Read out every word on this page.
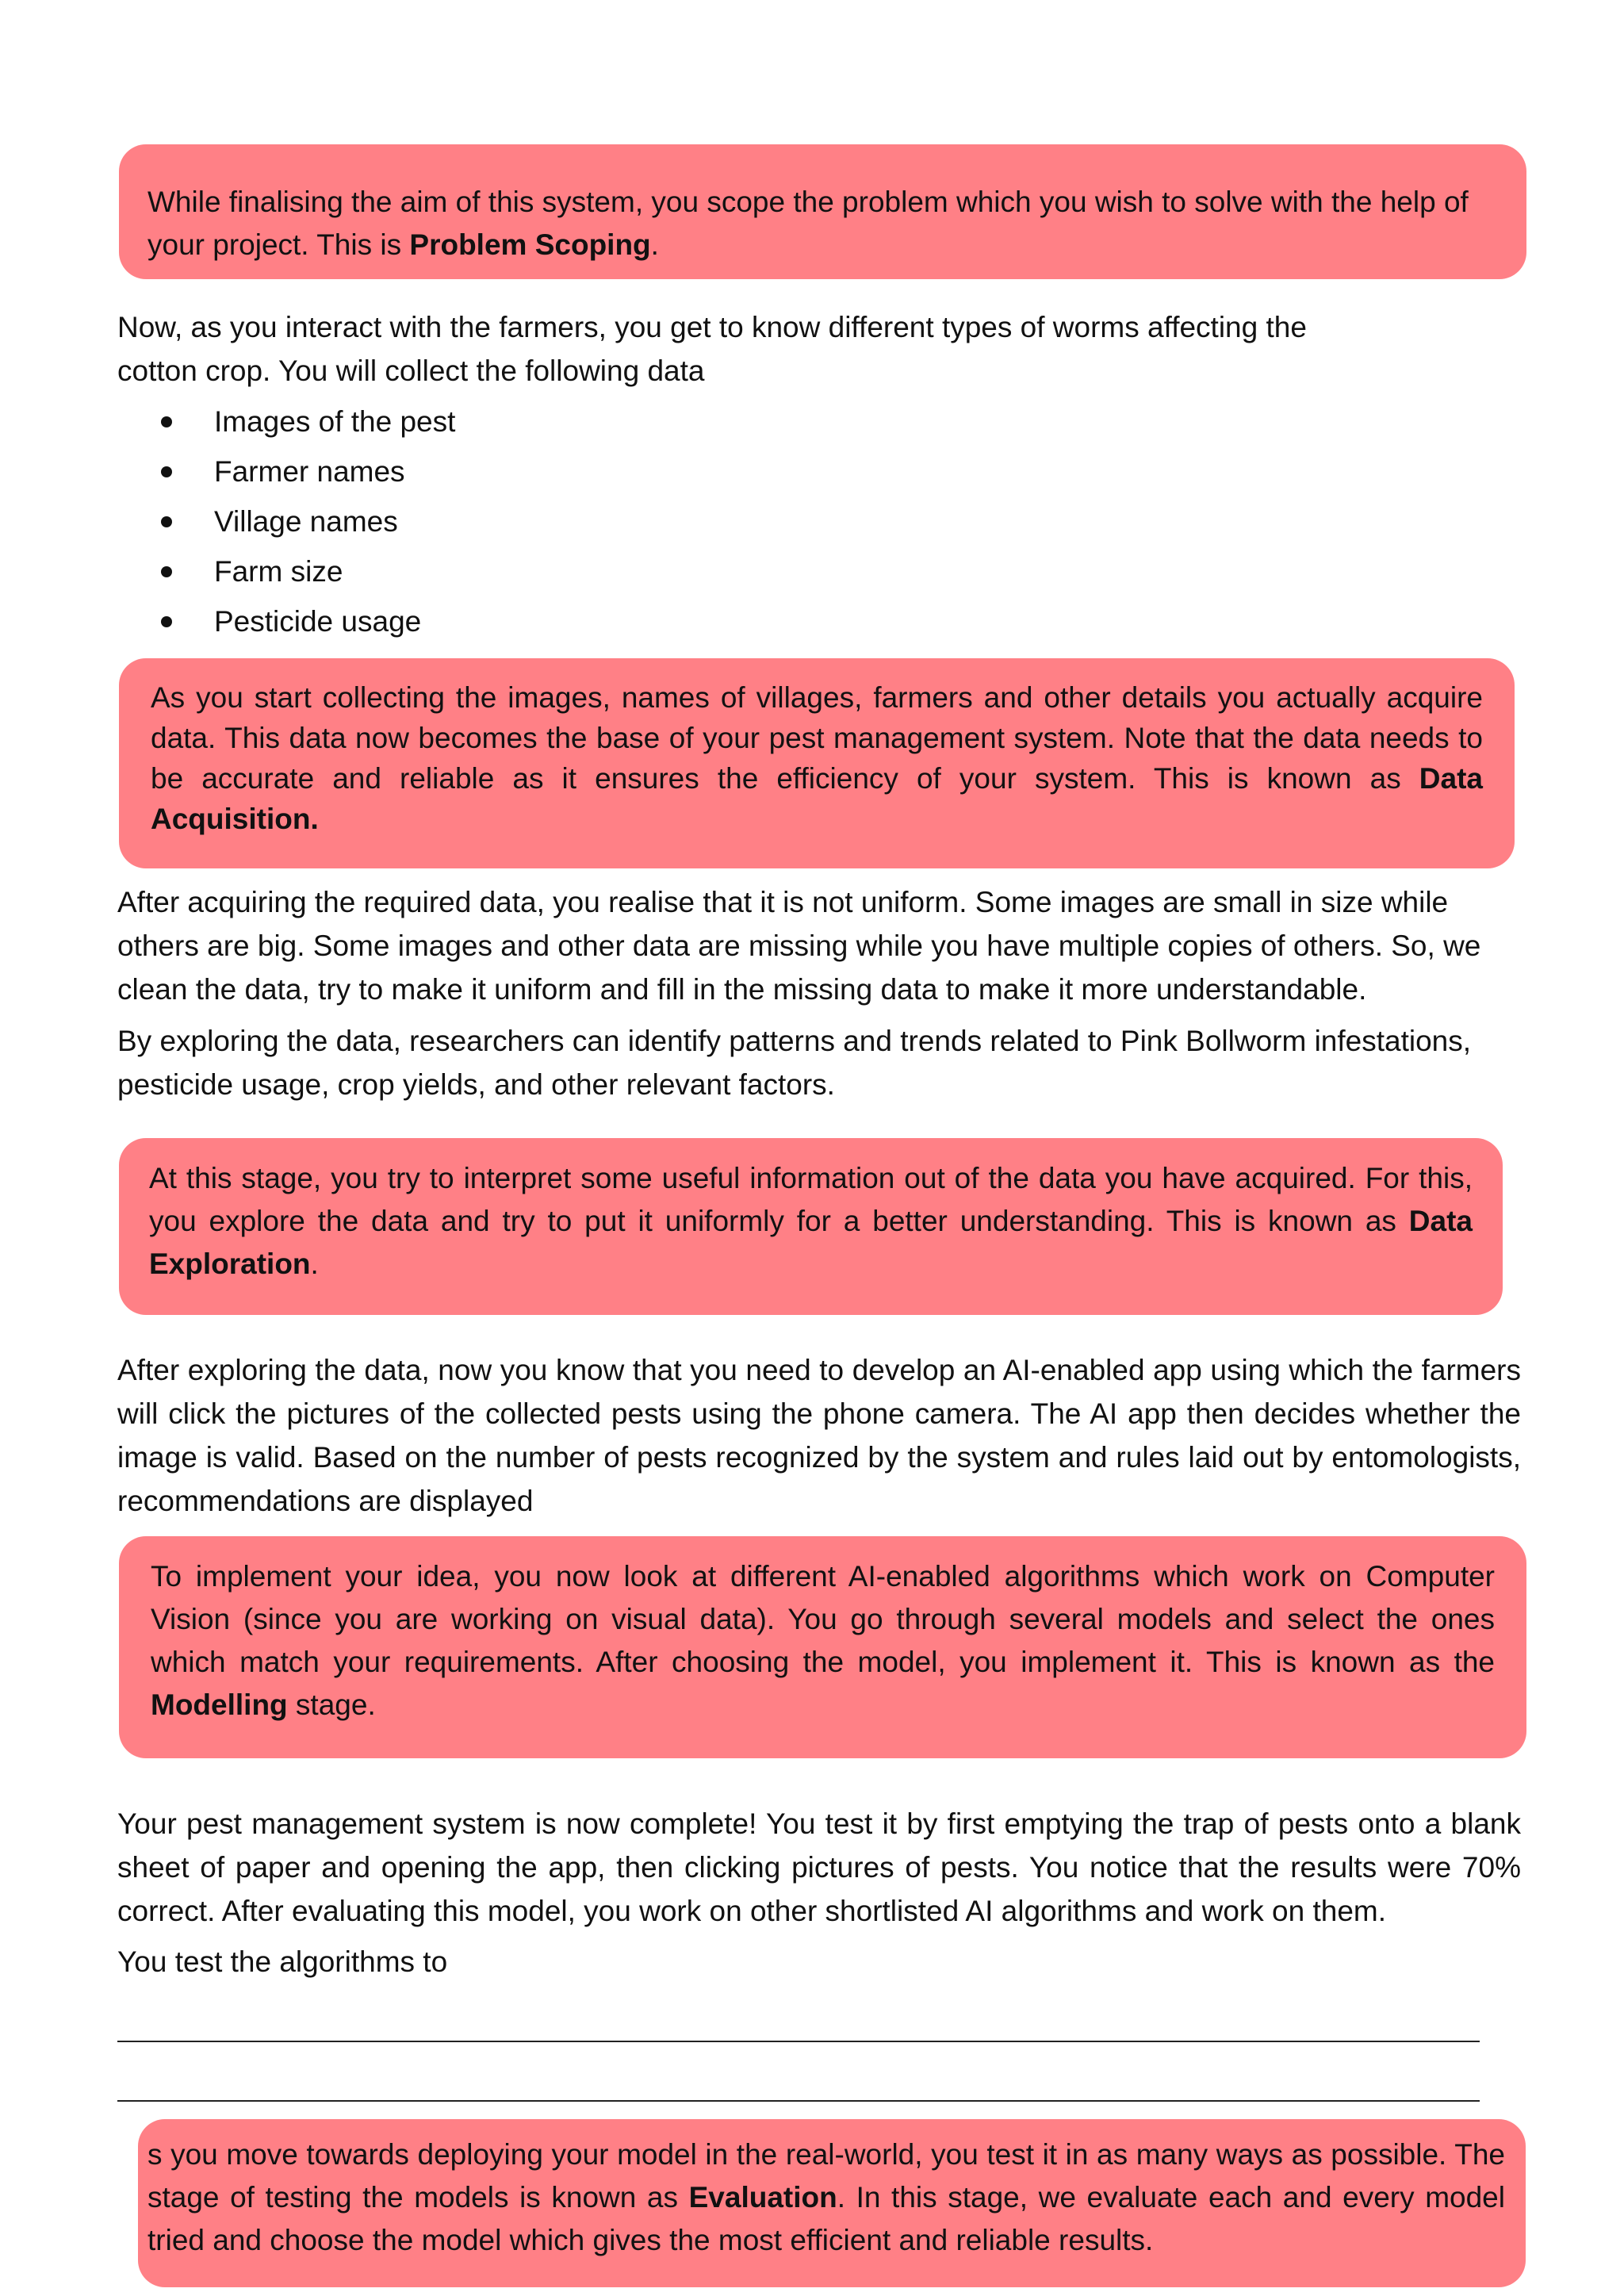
While finalising the aim of this system, you scope the problem which you wish to solve with the help of your project. This is Problem Scoping.

Now, as you interact with the farmers, you get to know different types of worms affecting the cotton crop. You will collect the following data

Images of the pest
Farmer names
Village names
Farm size
Pesticide usage

As you start collecting the images, names of villages, farmers and other details you actually acquire data. This data now becomes the base of your pest management system. Note that the data needs to be accurate and reliable as it ensures the efficiency of your system. This is known as Data Acquisition.

After acquiring the required data, you realise that it is not uniform. Some images are small in size while others are big. Some images and other data are missing while you have multiple copies of others. So, we clean the data, try to make it uniform and fill in the missing data to make it more understandable.

By exploring the data, researchers can identify patterns and trends related to Pink Bollworm infestations, pesticide usage, crop yields, and other relevant factors.

At this stage, you try to interpret some useful information out of the data you have acquired. For this, you explore the data and try to put it uniformly for a better understanding. This is known as Data Exploration.

After exploring the data, now you know that you need to develop an AI-enabled app using which the farmers will click the pictures of the collected pests using the phone camera. The AI app then decides whether the image is valid. Based on the number of pests recognized by the system and rules laid out by entomologists, recommendations are displayed

To implement your idea, you now look at different AI-enabled algorithms which work on Computer Vision (since you are working on visual data). You go through several models and select the ones which match your requirements. After choosing the model, you implement it. This is known as the Modelling stage.

Your pest management system is now complete! You test it by first emptying the trap of pests onto a blank sheet of paper and opening the app, then clicking pictures of pests. You notice that the results were 70% correct. After evaluating this model, you work on other shortlisted AI algorithms and work on them.

You test the algorithms to

s you move towards deploying your model in the real-world, you test it in as many ways as possible. The stage of testing the models is known as Evaluation. In this stage, we evaluate each and every model tried and choose the model which gives the most efficient and reliable results.
